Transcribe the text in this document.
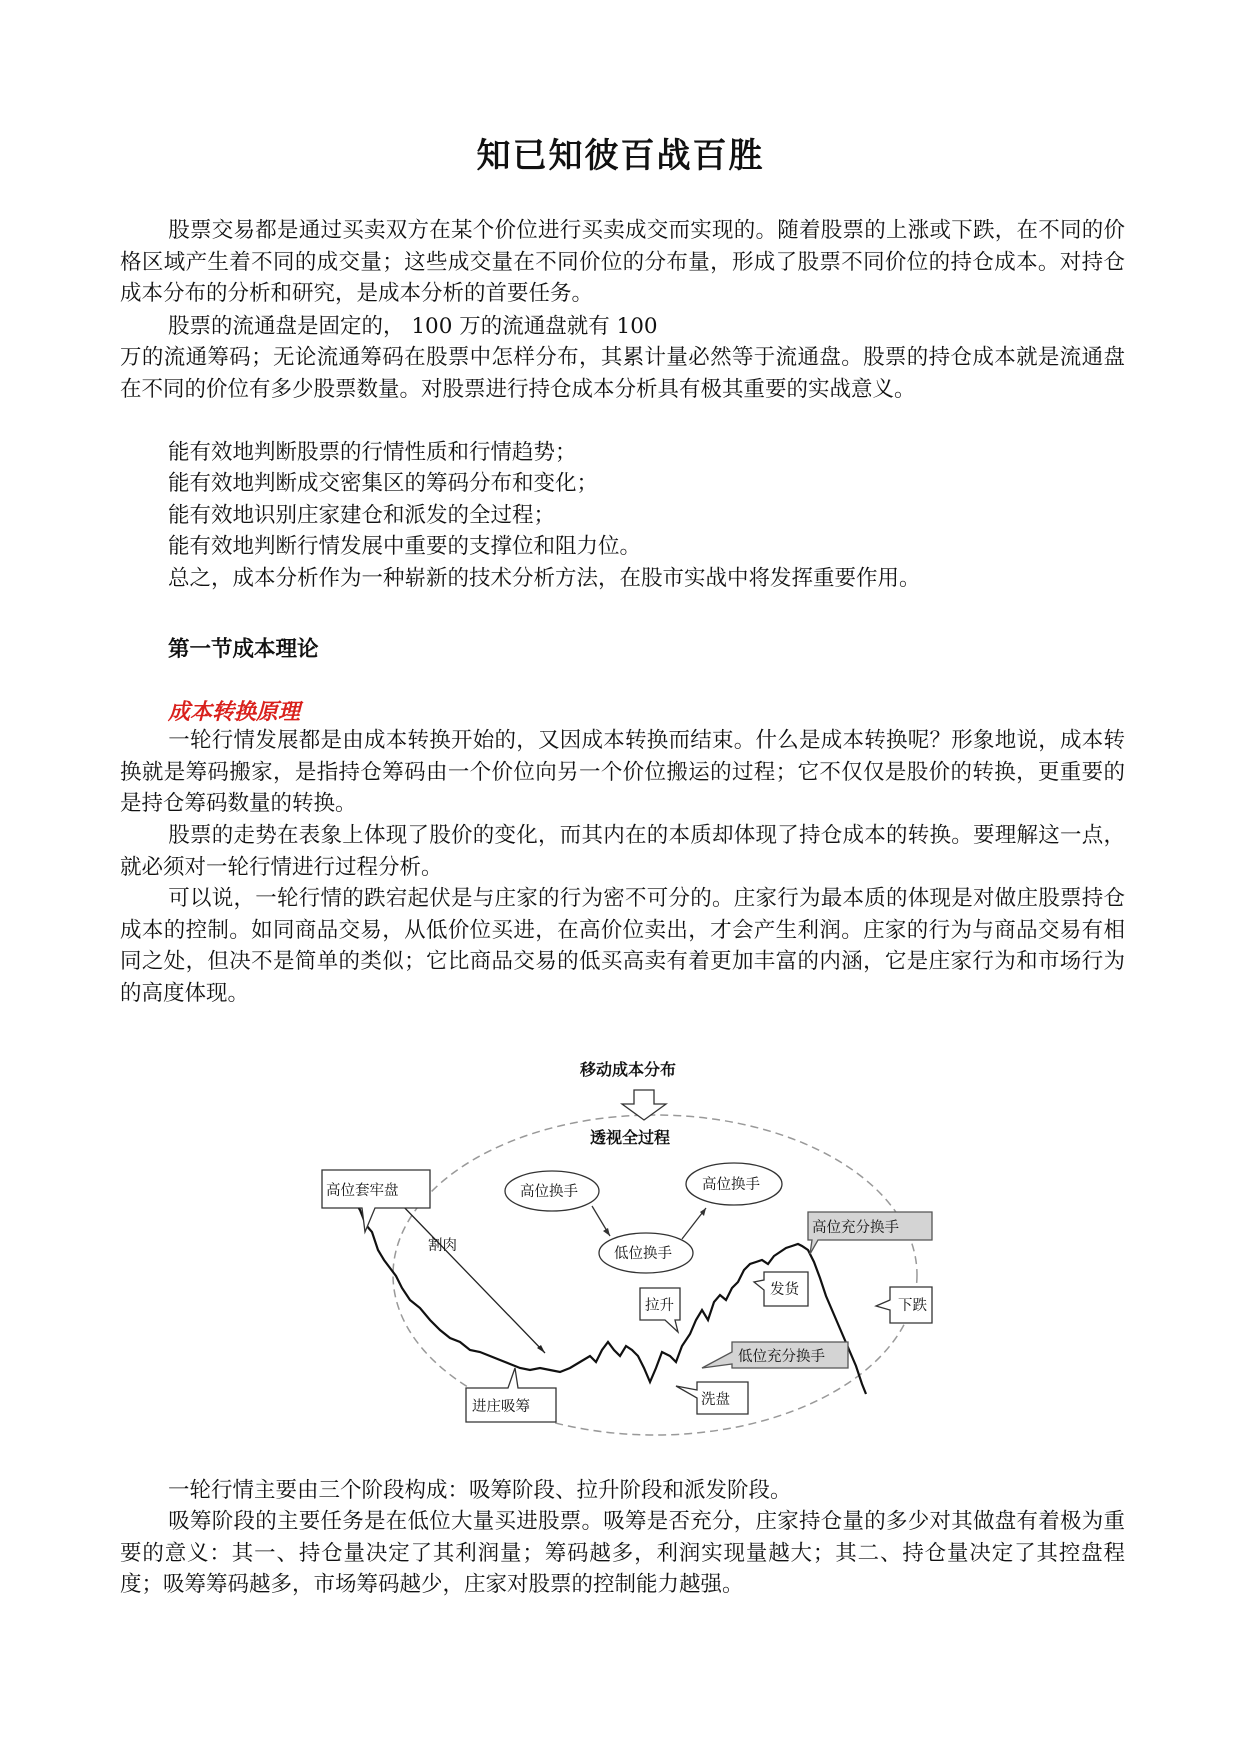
知已知彼百战百胜

股票交易都是通过买卖双方在某个价位进行买卖成交而实现的。随着股票的上涨或下跌，在不同的价格区域产生着不同的成交量；这些成交量在不同价位的分布量，形成了股票不同价位的持仓成本。对持仓成本分布的分析和研究，是成本分析的首要任务。

股票的流通盘是固定的， 100 万的流通盘就有 100

万的流通筹码；无论流通筹码在股票中怎样分布，其累计量必然等于流通盘。股票的持仓成本就是流通盘在不同的价位有多少股票数量。对股票进行持仓成本分析具有极其重要的实战意义。

能有效地判断股票的行情性质和行情趋势；
能有效地判断成交密集区的筹码分布和变化；
能有效地识别庄家建仓和派发的全过程；
能有效地判断行情发展中重要的支撑位和阻力位。
总之，成本分析作为一种崭新的技术分析方法，在股市实战中将发挥重要作用。
第一节成本理论
成本转换原理

一轮行情发展都是由成本转换开始的，又因成本转换而结束。什么是成本转换呢？形象地说，成本转换就是筹码搬家，是指持仓筹码由一个价位向另一个价位搬运的过程；它不仅仅是股价的转换，更重要的是持仓筹码数量的转换。

股票的走势在表象上体现了股价的变化，而其内在的本质却体现了持仓成本的转换。要理解这一点，就必须对一轮行情进行过程分析。

可以说，一轮行情的跌宕起伏是与庄家的行为密不可分的。庄家行为最本质的体现是对做庄股票持仓成本的控制。如同商品交易，从低价位买进，在高价位卖出，才会产生利润。庄家的行为与商品交易有相同之处，但决不是简单的类似；它比商品交易的低买高卖有着更加丰富的内涵，它是庄家行为和市场行为的高度体现。

移动成本分布
透视全过程
高位换手	高位换手
低位换手
割肉
高位套牢盘
拉升
发货
高位充分换手
下跌
低位充分换手
洗盘
进庄吸筹
一轮行情主要由三个阶段构成：吸筹阶段、拉升阶段和派发阶段。

吸筹阶段的主要任务是在低位大量买进股票。吸筹是否充分，庄家持仓量的多少对其做盘有着极为重要的意义：其一、持仓量决定了其利润量；筹码越多，利润实现量越大；其二、持仓量决定了其控盘程度；吸筹筹码越多，市场筹码越少，庄家对股票的控制能力越强。
